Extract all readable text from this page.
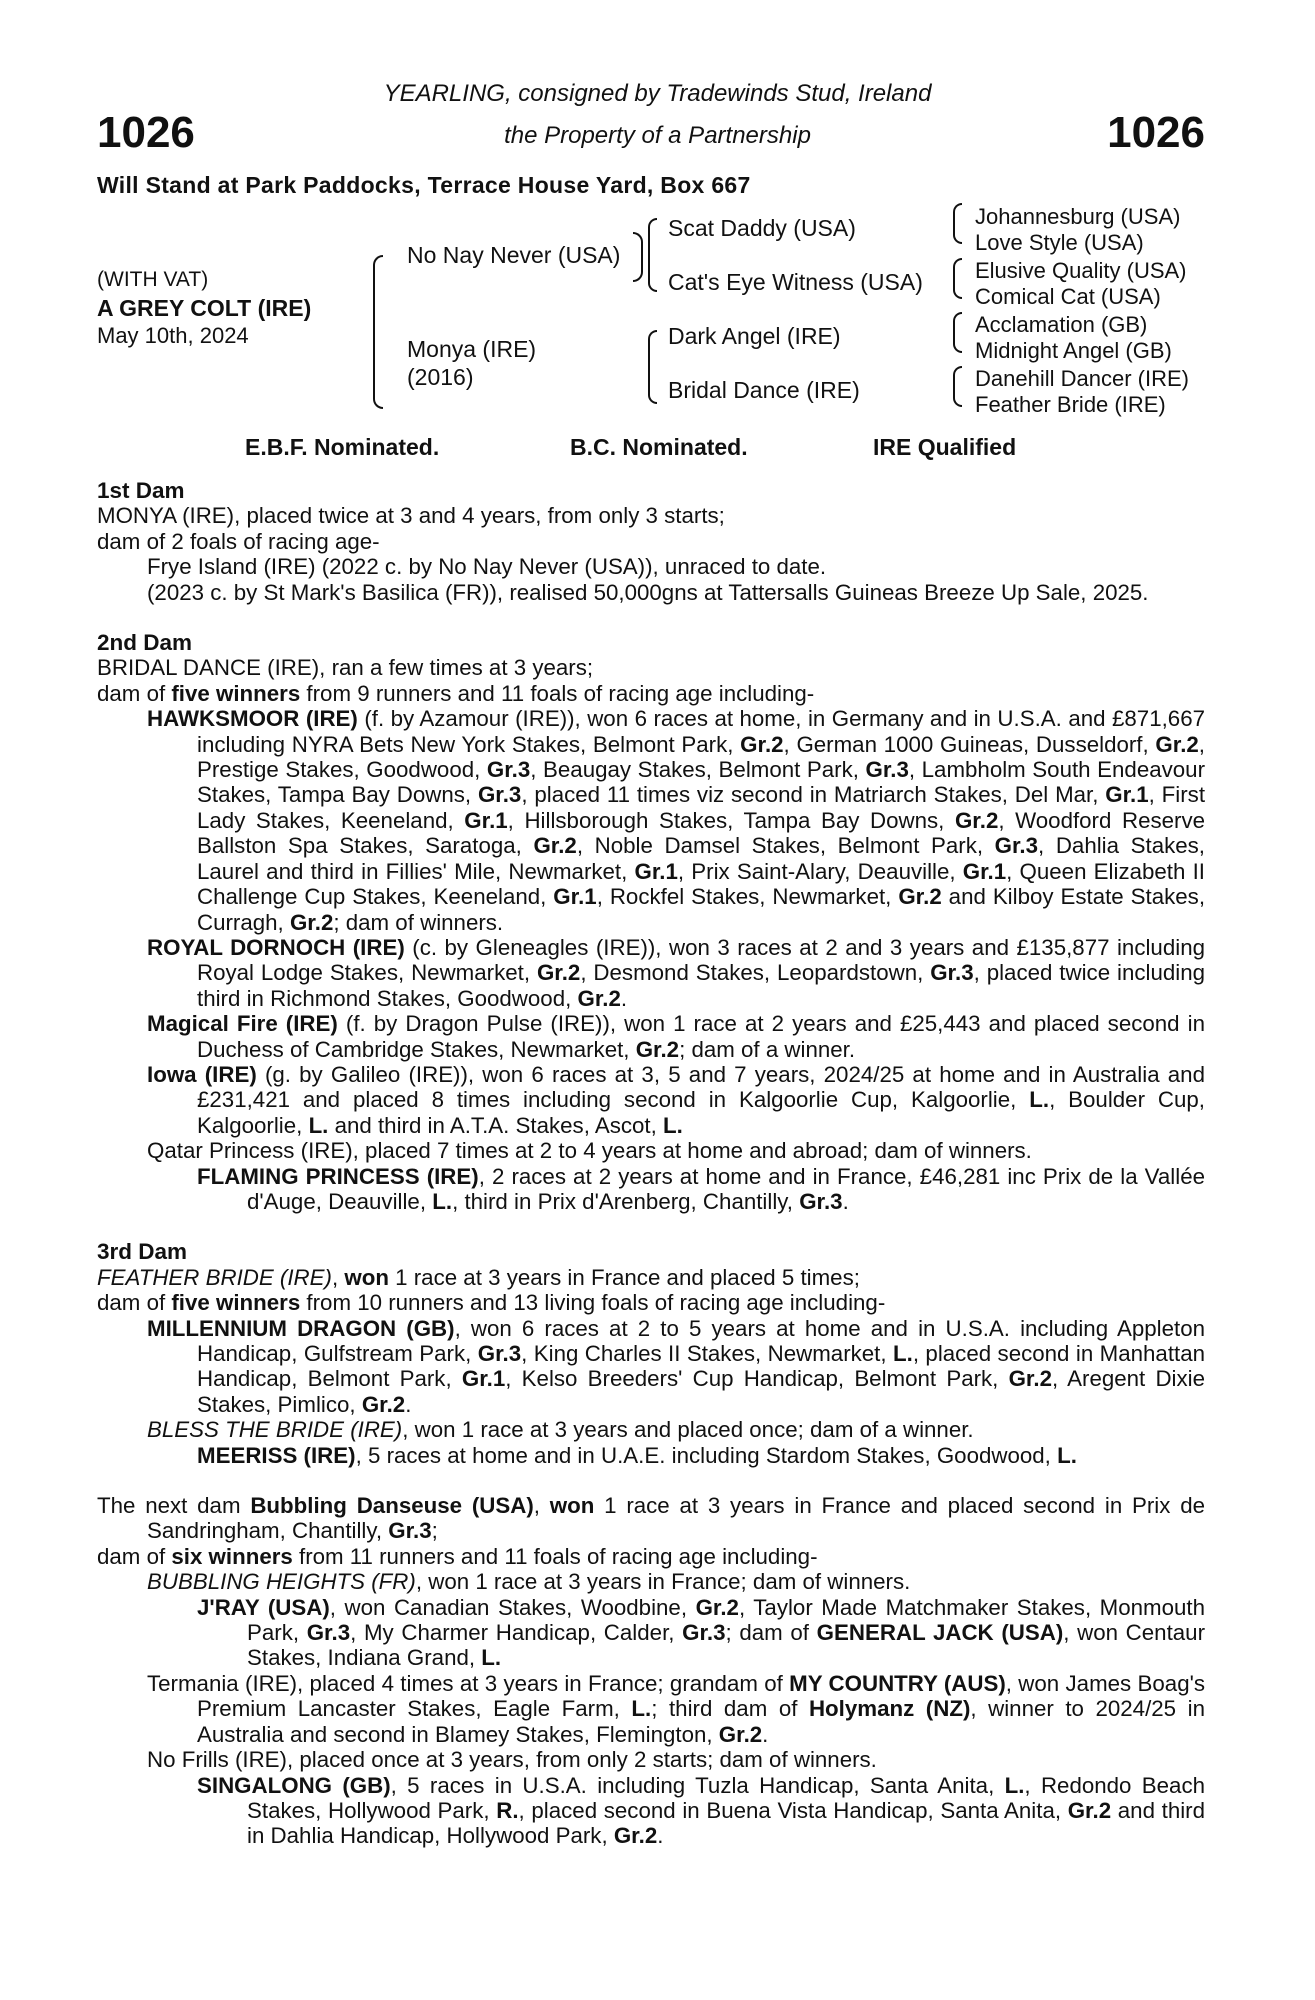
1026	1026
YEARLING, consigned by Tradewinds Stud, Ireland
the Property of a Partnership
Will Stand at Park Paddocks, Terrace House Yard, Box 667
(WITH VAT)
A GREY COLT (IRE)
May 10th, 2024
No Nay Never (USA)
Monya (IRE)
(2016)
Scat Daddy (USA)
Cat's Eye Witness (USA)
Dark Angel (IRE)
Bridal Dance (IRE)
Johannesburg (USA)
Love Style (USA)
Elusive Quality (USA)
Comical Cat (USA)
Acclamation (GB)
Midnight Angel (GB)
Danehill Dancer (IRE)
Feather Bride (IRE)
E.B.F. Nominated.	B.C. Nominated.	IRE Qualified

1st Dam

MONYA (IRE), placed twice at 3 and 4 years, from only 3 starts;

dam of 2 foals of racing age-

Frye Island (IRE) (2022 c. by No Nay Never (USA)), unraced to date.

(2023 c. by St Mark's Basilica (FR)), realised 50,000gns at Tattersalls Guineas Breeze Up Sale, 2025.

2nd Dam

BRIDAL DANCE (IRE), ran a few times at 3 years;

dam of five winners from 9 runners and 11 foals of racing age including-

HAWKSMOOR (IRE) (f. by Azamour (IRE)), won 6 races at home, in Germany and in U.S.A. and £871,667 including NYRA Bets New York Stakes, Belmont Park, Gr.2, German 1000 Guineas, Dusseldorf, Gr.2, Prestige Stakes, Goodwood, Gr.3, Beaugay Stakes, Belmont Park, Gr.3, Lambholm South Endeavour Stakes, Tampa Bay Downs, Gr.3, placed 11 times viz second in Matriarch Stakes, Del Mar, Gr.1, First Lady Stakes, Keeneland, Gr.1, Hillsborough Stakes, Tampa Bay Downs, Gr.2, Woodford Reserve Ballston Spa Stakes, Saratoga, Gr.2, Noble Damsel Stakes, Belmont Park, Gr.3, Dahlia Stakes, Laurel and third in Fillies' Mile, Newmarket, Gr.1, Prix Saint-Alary, Deauville, Gr.1, Queen Elizabeth II Challenge Cup Stakes, Keeneland, Gr.1, Rockfel Stakes, Newmarket, Gr.2 and Kilboy Estate Stakes, Curragh, Gr.2; dam of winners.

ROYAL DORNOCH (IRE) (c. by Gleneagles (IRE)), won 3 races at 2 and 3 years and £135,877 including Royal Lodge Stakes, Newmarket, Gr.2, Desmond Stakes, Leopardstown, Gr.3, placed twice including third in Richmond Stakes, Goodwood, Gr.2.

Magical Fire (IRE) (f. by Dragon Pulse (IRE)), won 1 race at 2 years and £25,443 and placed second in Duchess of Cambridge Stakes, Newmarket, Gr.2; dam of a winner.

Iowa (IRE) (g. by Galileo (IRE)), won 6 races at 3, 5 and 7 years, 2024/25 at home and in Australia and £231,421 and placed 8 times including second in Kalgoorlie Cup, Kalgoorlie, L., Boulder Cup, Kalgoorlie, L. and third in A.T.A. Stakes, Ascot, L.

Qatar Princess (IRE), placed 7 times at 2 to 4 years at home and abroad; dam of winners.

FLAMING PRINCESS (IRE), 2 races at 2 years at home and in France, £46,281 inc Prix de la Vallée d'Auge, Deauville, L., third in Prix d'Arenberg, Chantilly, Gr.3.

3rd Dam

FEATHER BRIDE (IRE), won 1 race at 3 years in France and placed 5 times;

dam of five winners from 10 runners and 13 living foals of racing age including-

MILLENNIUM DRAGON (GB), won 6 races at 2 to 5 years at home and in U.S.A. including Appleton Handicap, Gulfstream Park, Gr.3, King Charles II Stakes, Newmarket, L., placed second in Manhattan Handicap, Belmont Park, Gr.1, Kelso Breeders' Cup Handicap, Belmont Park, Gr.2, Aregent Dixie Stakes, Pimlico, Gr.2.

BLESS THE BRIDE (IRE), won 1 race at 3 years and placed once; dam of a winner.

MEERISS (IRE), 5 races at home and in U.A.E. including Stardom Stakes, Goodwood, L.

The next dam Bubbling Danseuse (USA), won 1 race at 3 years in France and placed second in Prix de Sandringham, Chantilly, Gr.3;

dam of six winners from 11 runners and 11 foals of racing age including-

BUBBLING HEIGHTS (FR), won 1 race at 3 years in France; dam of winners.

J'RAY (USA), won Canadian Stakes, Woodbine, Gr.2, Taylor Made Matchmaker Stakes, Monmouth Park, Gr.3, My Charmer Handicap, Calder, Gr.3; dam of GENERAL JACK (USA), won Centaur Stakes, Indiana Grand, L.

Termania (IRE), placed 4 times at 3 years in France; grandam of MY COUNTRY (AUS), won James Boag's Premium Lancaster Stakes, Eagle Farm, L.; third dam of Holymanz (NZ), winner to 2024/25 in Australia and second in Blamey Stakes, Flemington, Gr.2.

No Frills (IRE), placed once at 3 years, from only 2 starts; dam of winners.

SINGALONG (GB), 5 races in U.S.A. including Tuzla Handicap, Santa Anita, L., Redondo Beach Stakes, Hollywood Park, R., placed second in Buena Vista Handicap, Santa Anita, Gr.2 and third in Dahlia Handicap, Hollywood Park, Gr.2.
